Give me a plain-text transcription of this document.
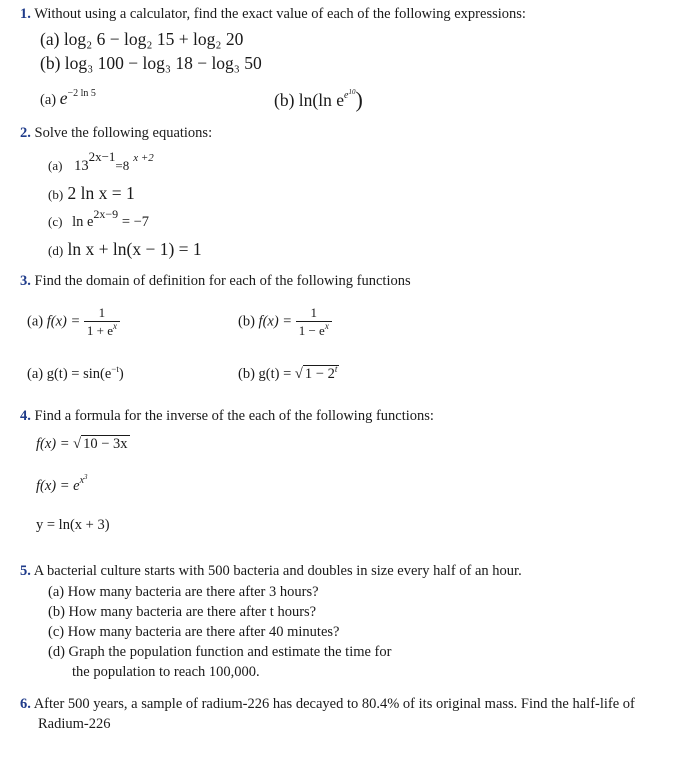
1. Without using a calculator, find the exact value of each of the following expressions:
(a) log₂ 6 − log₂ 15 + log₂ 20
(b) log₃ 100 − log₃ 18 − log₃ 50
(a) $e^{-2 ln 5}$	(b) ln(ln $e^{e^{10}}$)
2. Solve the following equations:
(a) 132x−1=8 $^{x +2}$
(b) 2 ln x = 1
(c) $\ln e^{2x-9} = -7$
(d) ln x + ln(x − 1) = 1
3. Find the domain of definition for each of the following functions
(a) $f(x) = \frac{1}{1 + e^x}$	(b) $f(x) = \frac{1}{1 - e^x}$
(a) $g(t) = \sin(e^{-t})$	(b) g(t) = √ $1 - 2^t$
4. Find a formula for the inverse of the each of the following functions:
f(x) = √ 10 − 3x
$f(x) = e^{x^3}$
y = ln(x + 3)
5. A bacterial culture starts with 500 bacteria and doubles in size every half of an hour.
(a) How many bacteria are there after 3 hours?
(b) How many bacteria are there after t hours?
(c) How many bacteria are there after 40 minutes?
(d) Graph the population function and estimate the time for
the population to reach 100,000.
6. After 500 years, a sample of radium-226 has decayed to 80.4% of its original mass. Find the half-life of
Radium-226
